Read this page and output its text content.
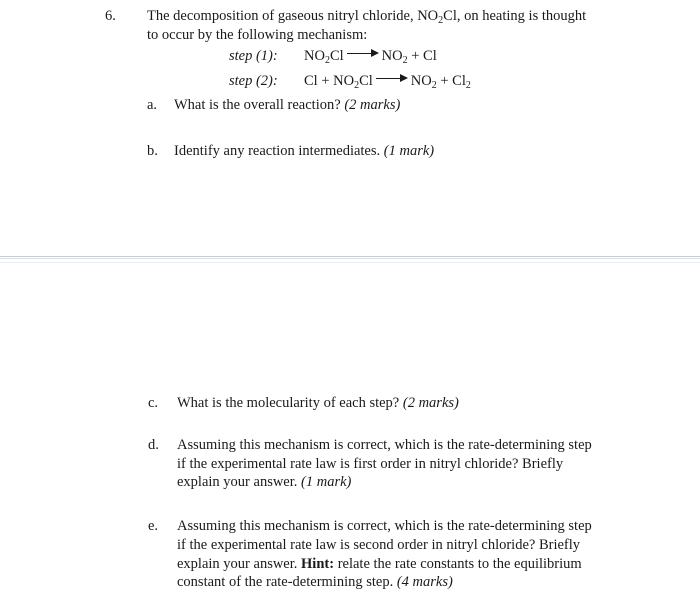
6. The decomposition of gaseous nitryl chloride, $NO_2Cl$, on heating is thought
to occur by the following mechanism:
step (1): $NO_2Cl$	$NO_2 + Cl$
step (2): $Cl + NO_2Cl$	$NO_2 + Cl_2$
a. What is the overall reaction? (2 marks)
b. Identify any reaction intermediates. (1 mark)
c. What is the molecularity of each step? (2 marks)
d. Assuming this mechanism is correct, which is the rate-determining step
if the experimental rate law is first order in nitryl chloride? Briefly
explain your answer. (1 mark)
e. Assuming this mechanism is correct, which is the rate-determining step
if the experimental rate law is second order in nitryl chloride? Briefly
explain your answer. Hint: relate the rate constants to the equilibrium
constant of the rate-determining step. (4 marks)
